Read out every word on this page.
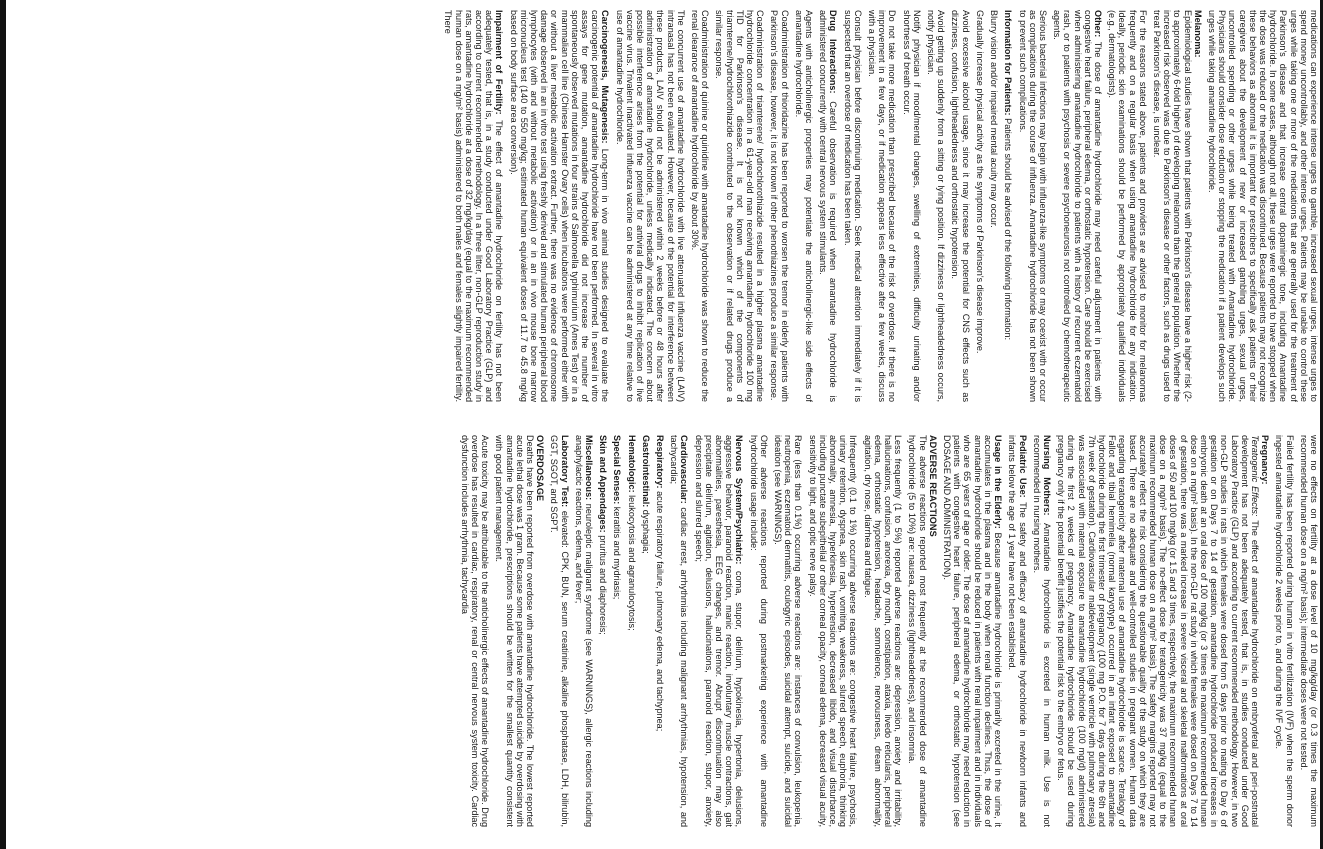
medications can experience intense urges to gamble, increased sexual urges, intense urges to spend money uncontrollably, and other intense urges. Patients may be unable to control these urges while taking one or more of the medications that are generally used for the treatment of Parkinson's disease and that increase central dopaminergic tone, including Amantadine hydrochloride. In some cases, although not all, these urges were reported to have stopped when the dose was reduced or the medication was discontinued. Because patients may not recognize these behaviors as abnormal it is important for prescribers to specifically ask patients or their caregivers about the development of new or increased gambling urges, sexual urges, uncontrolled spending or other urges while being treated with Amantadine hydrochloride. Physicians should consider dose reduction or stopping the medication if a patient develops such urges while taking amantadine hydrochloride.

Melanoma:
Epidemiological studies have shown that patients with Parkinson's disease have a higher risk (2- to approximately 6-fold higher) of developing melanoma than the general population. Whether the increased risk observed was due to Parkinson's disease or other factors, such as drugs used to treat Parkinson's disease, is unclear.

For the reasons stated above, patients and providers are advised to monitor for melanomas frequently and on a regular basis when using amantadine hydrochloride for any indication. Ideally, periodic skin examinations should be performed by appropriately qualified individuals (e.g., dermatologists).

Other: The dose of amantadine hydrochloride may need careful adjustment in patients with congestive heart failure, peripheral edema, or orthostatic hypotension. Care should be exercised when administering amantadine hydrochloride to patients with a history of recurrent eczematoid rash, or to patients with psychosis or severe psychoneurosis not controlled by chemotherapeutic agents.

Serious bacterial infections may begin with influenza-like symptoms or may coexist with or occur as complications during the course of influenza. Amantadine hydrochloride has not been shown to prevent such complications.

Information for Patients: Patients should be advised of the following information:

Blurry vision and/or impaired mental acuity may occur.

Gradually increase physical activity as the symptoms of Parkinson's disease improve.

Avoid excessive alcohol usage, since it may increase the potential for CNS effects such as dizziness, confusion, lightheadedness and orthostatic hypotension.

Avoid getting up suddenly from a sitting or lying position. If dizziness or lightheadedness occurs, notify physician.

Notify physician if mood/mental changes, swelling of extremities, difficulty urinating and/or shortness of breath occur.

Do not take more medication than prescribed because of the risk of overdose. If there is no improvement in a few days, or if medication appears less effective after a few weeks, discuss with a physician.

Consult physician before discontinuing medication. Seek medical attention immediately if it is suspected that an overdose of medication has been taken.

Drug Interactions: Careful observation is required when amantadine hydrochloride is administered concurrently with central nervous system stimulants.

Agents with anticholinergic properties may potentiate the anticholinergic-like side effects of amantadine hydrochloride.

Coadministration of thioridazine has been reported to worsen the tremor in elderly patients with Parkinson's disease, however, it is not known if other phenothiazines produce a similar response.

Coadministration of triamterene/ hydrochlorothiazide resulted in a higher plasma amantadine hydrochloride concentration in a 61-year-old man receiving amantadine hydrochloride 100 mg TID for Parkinson's disease. It is not known which of the components of triamterene/hydrochlorothiazide contributed to the observation or if related drugs produce a similar response.

Coadministration of quinine or quinidine with amantadine hydrochloride was shown to reduce the renal clearance of amantadine hydrochloride by about 30%.

The concurrent use of amantadine hydrochloride with live attenuated influenza vaccine (LAIV) intranasal has not been evaluated. However, because of the potential for interference between these products, LAIV should not be administered within 2 weeks before or 48 hours after administration of amantadine hydrochloride, unless medically indicated. The concern about possible interference arises from the potential for antiviral drugs to inhibit replication of live vaccine virus. Trivalent inactivated influenza vaccine can be administered at any time relative to use of amantadine hydrochloride.

Carcinogenesis, Mutagenesis: Long-term in vivo animal studies designed to evaluate the carcinogenic potential of amantadine hydrochloride have not been performed. In several in vitro assays for gene mutation, amantadine hydrochloride did not increase the number of spontaneously observed mutations in four strains of Salmonella typhimurium (Ames Test) or in a mammalian cell line (Chinese Hamster Ovary cells) when incubations were performed either with or without a liver metabolic activation extract. Further, there was no evidence of chromosome damage observed in an in vitro test using freshly derived and stimulated human peripheral blood lymphocytes (with and without metabolic activation) or in an in vivo mouse bone marrow micronucleus test (140 to 550 mg/kg; estimated human equivalent doses of 11.7 to 45.8 mg/kg based on body surface area conversion).

Impairment of Fertility: The effect of amantadine hydrochloride on fertility has not been adequately tested, that is, in a study conducted under Good Laboratory Practice (GLP) and according to current recommended methodology. In a three litter, non-GLP reproduction study in rats, amantadine hydrochloride at a dose of 32 mg/kg/day (equal to the maximum recommended human dose on a mg/m² basis) administered to both males and females slightly impaired fertility. There

were no effects on fertility at a dose level of 10 mg/kg/day (or 0.3 times the maximum recommended human dose on a mg/m² basis); intermediate doses were not tested.

Failed fertility has been reported during human in vitro fertilization (IVF) when the sperm donor ingested amantadine hydrochloride 2 weeks prior to, and during the IVF cycle.

Pregnancy:
Teratogenic Effects: The effect of amantadine hydrochloride on embryofetal and peri-postnatal development has not been adequately tested, that is, in studies conducted under Good Laboratory Practice (GLP) and according to current recommended methodology. However, in two non-GLP studies in rats in which females were dosed from 5 days prior to mating to Day 6 of gestation or on Days 7 to 14 of gestation, amantadine hydrochloride produced increases in embryonic death at an oral dose of 100 mg/kg (or 3 times the maximum recommended human dose on a mg/m² basis). In the non-GLP rat study in which females were dosed on Days 7 to 14 of gestation, there was a marked increase in severe visceral and skeletal malformations at oral doses of 50 and 100 mg/kg (or 1.5 and 3 times, respectively, the maximum recommended human dose on a mg/m² basis). The no-effect dose for teratogenicity was 37 mg/kg (equal to the maximum recommended human dose on a mg/m² basis). The safety margins reported may not accurately reflect the risk considering the questionable quality of the study on which they are based. There are no adequate and well-controlled studies in pregnant women. Human data regarding teratogenicity after maternal use of amantadine hydrochloride is scarce. Tetralogy of Fallot and tibial hemimelia (normal karyotype) occurred in an infant exposed to amantadine hydrochloride during the first trimester of pregnancy (100 mg P.O. for 7 days during the 6th and 7th week of gestation). Cardiovascular maldevelopment (single ventricle with pulmonary atresia) was associated with maternal exposure to amantadine hydrochloride (100 mg/d) administered during the first 2 weeks of pregnancy. Amantadine hydrochloride should be used during pregnancy only if the potential benefit justifies the potential risk to the embryo or fetus.

Nursing Mothers: Amantadine hydrochloride is excreted in human milk. Use is not recommended in nursing mothers.

Pediatric Use: The safety and efficacy of amantadine hydrochloride in newborn infants and infants below the age of 1 year have not been established.

Usage in the Elderly: Because amantadine hydrochloride is primarily excreted in the urine, it accumulates in the plasma and in the body when renal function declines. Thus, the dose of amantadine hydrochloride should be reduced in patients with renal impairment and in individuals who are 65 years of age or older. The dose of amantadine hydrochloride may need reduction in patients with congestive heart failure, peripheral edema, or orthostatic hypotension (see DOSAGE AND ADMINISTRATION).

ADVERSE REACTIONS
The adverse reactions reported most frequently at the recommended dose of amantadine hydrochloride (5 to 10%) are: nausea, dizziness (lightheadedness), and insomnia.

Less frequently (1 to 5%) reported adverse reactions are: depression, anxiety and irritability, hallucinations, confusion, anorexia, dry mouth, constipation, ataxia, livedo reticularis, peripheral edema, orthostatic hypotension, headache, somnolence, nervousness, dream abnormality, agitation, dry nose, diarrhea and fatigue.

Infrequently (0.1 to 1%) occurring adverse reactions are: congestive heart failure, psychosis, urinary retention, dyspnea, skin rash, vomiting, weakness, slurred speech, euphoria, thinking abnormality, amnesia, hyperkinesia, hypertension, decreased libido, and visual disturbance, including punctate subepithelial or other corneal opacity, corneal edema, decreased visual acuity, sensitivity to light, and optic nerve palsy.

Rare (less than 0.1%) occurring adverse reactions are: instances of convulsion, leukopenia, neutropenia, eczematoid dermatitis, oculogyric episodes, suicidal attempt, suicide, and suicidal ideation (see WARNINGS).

Other adverse reactions reported during postmarketing experience with amantadine hydrochloride usage include:

Nervous System/Psychiatric: coma, stupor, delirium, hypokinesia, hypertonia, delusions, aggressive behavior, paranoid reaction, manic reaction, involuntary muscle contractions, gait abnormalities, paresthesia, EEG changes, and tremor. Abrupt discontinuation may also precipitate delirium, agitation, delusions, hallucinations, paranoid reaction, stupor, anxiety, depression and slurred speech;

Cardiovascular: cardiac arrest, arrhythmias including malignant arrhythmias, hypotension, and tachycardia;

Respiratory: acute respiratory failure, pulmonary edema, and tachypnea;

Gastrointestinal: dysphagia;

Hematologic: leukocytosis and agranulocytosis;

Special Senses: keratitis and mydriasis;

Skin and Appendages: pruritus and diaphoresis;

Miscellaneous: neuroleptic malignant syndrome (see WARNINGS), allergic reactions including anaphylactic reactions, edema, and fever;

Laboratory Test: elevated: CPK, BUN, serum creatinine, alkaline phosphatase, LDH, bilirubin, GGT, SGOT, and SGPT.

OVERDOSAGE
Deaths have been reported from overdose with amantadine hydrochloride. The lowest reported acute lethal dose was 1 gram. Because some patients have attempted suicide by overdosing with amantadine hydrochloride, prescriptions should be written for the smallest quantity consistent with good patient management.

Acute toxicity may be attributable to the anticholinergic effects of amantadine hydrochloride. Drug overdose has resulted in cardiac, respiratory, renal or central nervous system toxicity. Cardiac dysfunction includes arrhythmia, tachycardia
